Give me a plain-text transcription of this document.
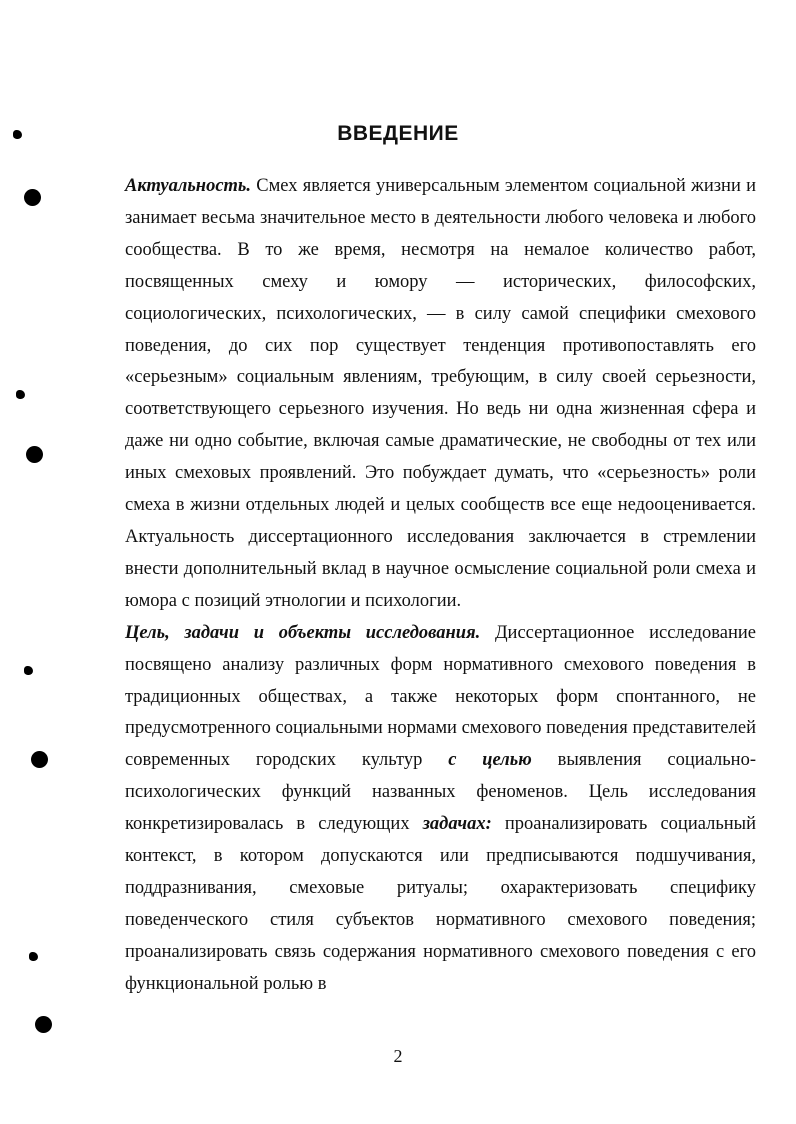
ВВЕДЕНИЕ

Актуальность. Смех является универсальным элементом социальной жизни и занимает весьма значительное место в деятельности любого человека и любого сообщества. В то же время, несмотря на немалое количество работ, посвященных смеху и юмору — исторических, философских, социологических, психологических, — в силу самой специфики смехового поведения, до сих пор существует тенденция противопоставлять его «серьезным» социальным явлениям, требующим, в силу своей серьезности, соответствующего серьезного изучения. Но ведь ни одна жизненная сфера и даже ни одно событие, включая самые драматические, не свободны от тех или иных смеховых проявлений. Это побуждает думать, что «серьезность» роли смеха в жизни отдельных людей и целых сообществ все еще недооценивается. Актуальность диссертационного исследования заключается в стремлении внести дополнительный вклад в научное осмысление социальной роли смеха и юмора с позиций этнологии и психологии.

Цель, задачи и объекты исследования. Диссертационное исследование посвящено анализу различных форм нормативного смехового поведения в традиционных обществах, а также некоторых форм спонтанного, не предусмотренного социальными нормами смехового поведения представителей современных городских культур с целью выявления социально-психологических функций названных феноменов. Цель исследования конкретизировалась в следующих задачах: проанализировать социальный контекст, в котором допускаются или предписываются подшучивания, поддразнивания, смеховые ритуалы; охарактеризовать специфику поведенческого стиля субъектов нормативного смехового поведения; проанализировать связь содержания нормативного смехового поведения с его функциональной ролью в

2
